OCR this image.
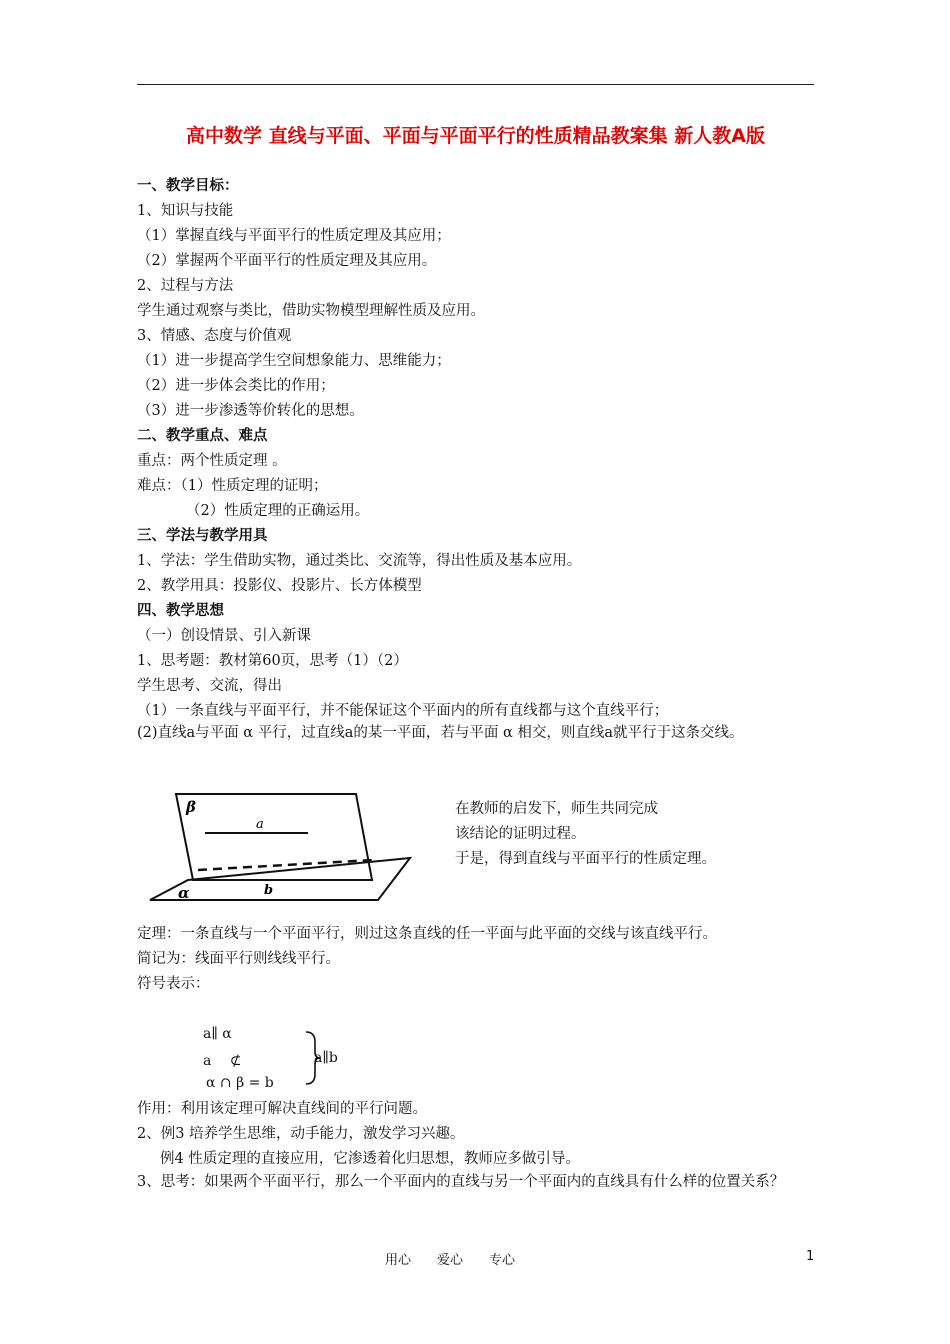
高中数学 直线与平面、平面与平面平行的性质精品教案集 新人教A版
一、教学目标：
1、知识与技能
（1）掌握直线与平面平行的性质定理及其应用；
（2）掌握两个平面平行的性质定理及其应用。
2、过程与方法
学生通过观察与类比，借助实物模型理解性质及应用。
3、情感、态度与价值观
（1）进一步提高学生空间想象能力、思维能力；
（2）进一步体会类比的作用；
（3）进一步渗透等价转化的思想。
二、教学重点、难点
重点：两个性质定理 。
难点：（1）性质定理的证明；
（2）性质定理的正确运用。
三、学法与教学用具
1、学法：学生借助实物，通过类比、交流等，得出性质及基本应用。
2、教学用具：投影仪、投影片、长方体模型
四、教学思想
（一）创设情景、引入新课
1、思考题：教材第60页，思考（1）（2）
学生思考、交流，得出
（1）一条直线与平面平行，并不能保证这个平面内的所有直线都与这个直线平行；
(2)直线a与平面 α 平行，过直线a的某一平面，若与平面 α 相交，则直线a就平行于这条交线。
β
a
α	b
在教师的启发下，师生共同完成
该结论的证明过程。
于是，得到直线与平面平行的性质定理。
定理：一条直线与一个平面平行，则过这条直线的任一平面与此平面的交线与该直线平行。
简记为：线面平行则线线平行。
符号表示：
a∥ α
a　 ⊄
α ∩ β = b
a∥b
作用：利用该定理可解决直线间的平行问题。
2、例3 培养学生思维，动手能力，激发学习兴趣。
例4 性质定理的直接应用，它渗透着化归思想，教师应多做引导。
3、思考：如果两个平面平行，那么一个平面内的直线与另一个平面内的直线具有什么样的位置关系？
用心　　爱心　　专心	1
